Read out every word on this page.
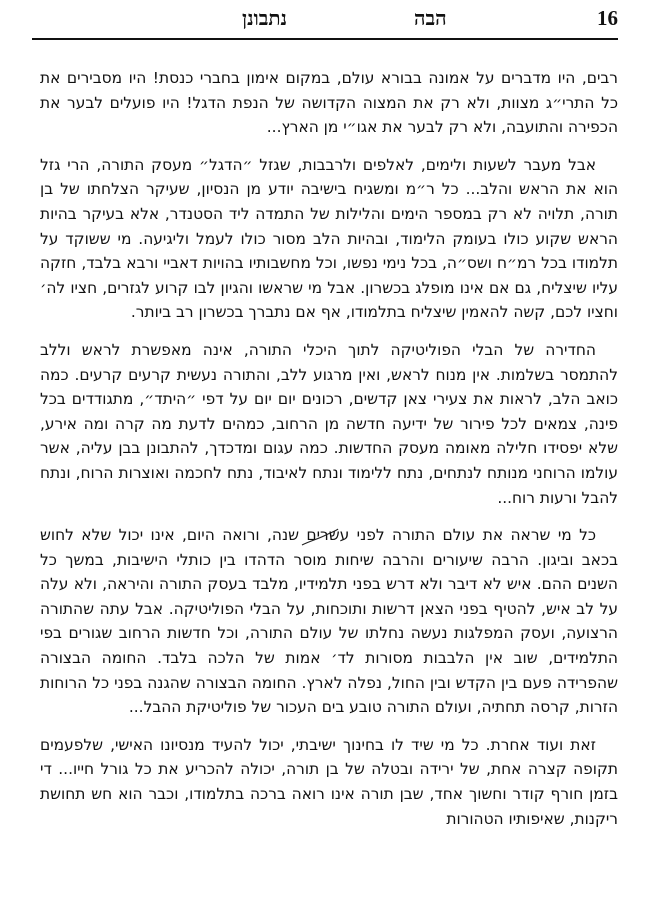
16
הבה
נתבונן

רבים, היו מדברים על אמונה בבורא עולם, במקום אימון בחברי כנסת! היו מסבירים את כל התרי״ג מצוות, ולא רק את המצוה הקדושה של הנפת הדגל! היו פועלים לבער את הכפירה והתועבה, ולא רק לבער את אגו״י מן הארץ...

אבל מעבר לשעות ולימים, לאלפים ולרבבות, שגזל ״הדגל״ מעסק התורה, הרי גזל הוא את הראש והלב... כל ר״מ ומשגיח בישיבה יודע מן הנסיון, שעיקר הצלחתו של בן תורה, תלויה לא רק במספר הימים והלילות של התמדה ליד הסטנדר, אלא בעיקר בהיות הראש שקוע כולו בעומק הלימוד, ובהיות הלב מסור כולו לעמל וליגיעה. מי ששוקד על תלמודו בכל רמ״ח ושס״ה, בכל נימי נפשו, וכל מחשבותיו בהויות דאביי ורבא בלבד, חזקה עליו שיצליח, גם אם אינו מופלג בכשרון. אבל מי שראשו והגיון לבו קרוע לגזרים, חציו לה׳ וחציו לכם, קשה להאמין שיצליח בתלמודו, אף אם נתברך בכשרון רב ביותר.

החדירה של הבלי הפוליטיקה לתוך היכלי התורה, אינה מאפשרת לראש וללב להתמסר בשלמות. אין מנוח לראש, ואין מרגוע ללב, והתורה נעשית קרעים קרעים. כמה כואב הלב, לראות את צעירי צאן קדשים, רכונים יום יום על דפי ״היתד״, מתגודדים בכל פינה, צמאים לכל פירור של ידיעה חדשה מן הרחוב, כמהים לדעת מה קרה ומה אירע, שלא יפסידו חלילה מאומה מעסק החדשות. כמה עגום ומדכדך, להתבונן בבן עליה, אשר עולמו הרוחני מנותח לנתחים, נתח ללימוד ונתח לאיבוד, נתח לחכמה ואוצרות הרוח, ונתח להבל ורעות רוח...

כל מי שראה את עולם התורה לפני עשרים שנה, ורואה היום, אינו יכול שלא לחוש בכאב וביגון. הרבה שיעורים והרבה שיחות מוסר הדהדו בין כותלי הישיבות, במשך כל השנים ההם. איש לא דיבר ולא דרש בפני תלמידיו, מלבד בעסק התורה והיראה, ולא עלה על לב איש, להטיף בפני הצאן דרשות ותוכחות, על הבלי הפוליטיקה. אבל עתה שהתורה הרצועה, ועסק המפלגות נעשה נחלתו של עולם התורה, וכל חדשות הרחוב שגורים בפי התלמידים, שוב אין הלבבות מסורות לד׳ אמות של הלכה בלבד. החומה הבצורה שהפרידה פעם בין הקדש ובין החול, נפלה לארץ. החומה הבצורה שהגנה בפני כל הרוחות הזרות, קרסה תחתיה, ועולם התורה טובע בים העכור של פוליטיקת ההבל...

זאת ועוד אחרת. כל מי שיד לו בחינוך ישיבתי, יכול להעיד מנסיונו האישי, שלפעמים תקופה קצרה אחת, של ירידה ובטלה של בן תורה, יכולה להכריע את כל גורל חייו... די בזמן חורף קודר וחשוך אחד, שבן תורה אינו רואה ברכה בתלמודו, וכבר הוא חש תחושת ריקנות, שאיפותיו הטהורות
